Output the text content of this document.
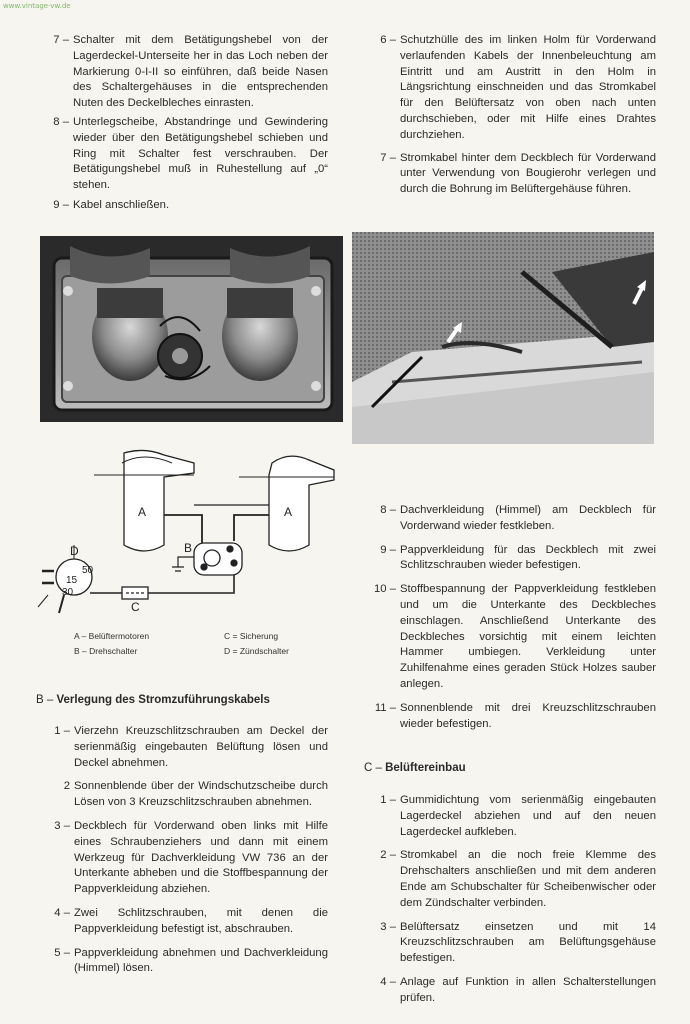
www.vintage-vw.de
7 – Schalter mit dem Betätigungshebel von der Lagerdeckel-Unterseite her in das Loch neben der Markierung 0-I-II so einführen, daß beide Nasen des Schaltergehäuses in die entsprechenden Nuten des Deckelbleches einrasten.
8 – Unterlegscheibe, Abstandringe und Gewindering wieder über den Betätigungshebel schieben und Ring mit Schalter fest verschrauben. Der Betätigungshebel muß in Ruhestellung auf „0“ stehen.
9 – Kabel anschließen.
6 – Schutzhülle des im linken Holm für Vorderwand verlaufenden Kabels der Innenbeleuchtung am Eintritt und am Austritt in den Holm in Längsrichtung einschneiden und das Stromkabel für den Belüftersatz von oben nach unten durchschieben, oder mit Hilfe eines Drahtes durchziehen.
7 – Stromkabel hinter dem Deckblech für Vorderwand unter Verwendung von Bougierohr verlegen und durch die Bohrung im Belüftergehäuse führen.
A	A
B
C
D
50
15
30
A – Belüftermotoren	C = Sicherung
B – Drehschalter	D = Zündschalter
B – Verlegung des Stromzuführungskabels
1 – Vierzehn Kreuzschlitzschrauben am Deckel der serienmäßig eingebauten Belüftung lösen und Deckel abnehmen.
2 Sonnenblende über der Windschutzscheibe durch Lösen von 3 Kreuzschlitzschrauben abnehmen.
3 – Deckblech für Vorderwand oben links mit Hilfe eines Schraubenziehers und dann mit einem Werkzeug für Dachverkleidung VW 736 an der Unterkante abheben und die Stoffbespannung der Pappverkleidung abziehen.
4 – Zwei Schlitzschrauben, mit denen die Pappverkleidung befestigt ist, abschrauben.
5 – Pappverkleidung abnehmen und Dachverkleidung (Himmel) lösen.
8 – Dachverkleidung (Himmel) am Deckblech für Vorderwand wieder festkleben.
9 – Pappverkleidung für das Deckblech mit zwei Schlitzschrauben wieder befestigen.
10 – Stoffbespannung der Pappverkleidung festkleben und um die Unterkante des Deckbleches einschlagen. Anschließend Unterkante des Deckbleches vorsichtig mit einem leichten Hammer umbiegen. Verkleidung unter Zuhilfenahme eines geraden Stück Holzes sauber anlegen.
11 – Sonnenblende mit drei Kreuzschlitzschrauben wieder befestigen.
C – Belüftereinbau
1 – Gummidichtung vom serienmäßig eingebauten Lagerdeckel abziehen und auf den neuen Lagerdeckel aufkleben.
2 – Stromkabel an die noch freie Klemme des Drehschalters anschließen und mit dem anderen Ende am Schubschalter für Scheibenwischer oder dem Zündschalter verbinden.
3 – Belüftersatz einsetzen und mit 14 Kreuzschlitzschrauben am Belüftungsgehäuse befestigen.
4 – Anlage auf Funktion in allen Schalterstellungen prüfen.
